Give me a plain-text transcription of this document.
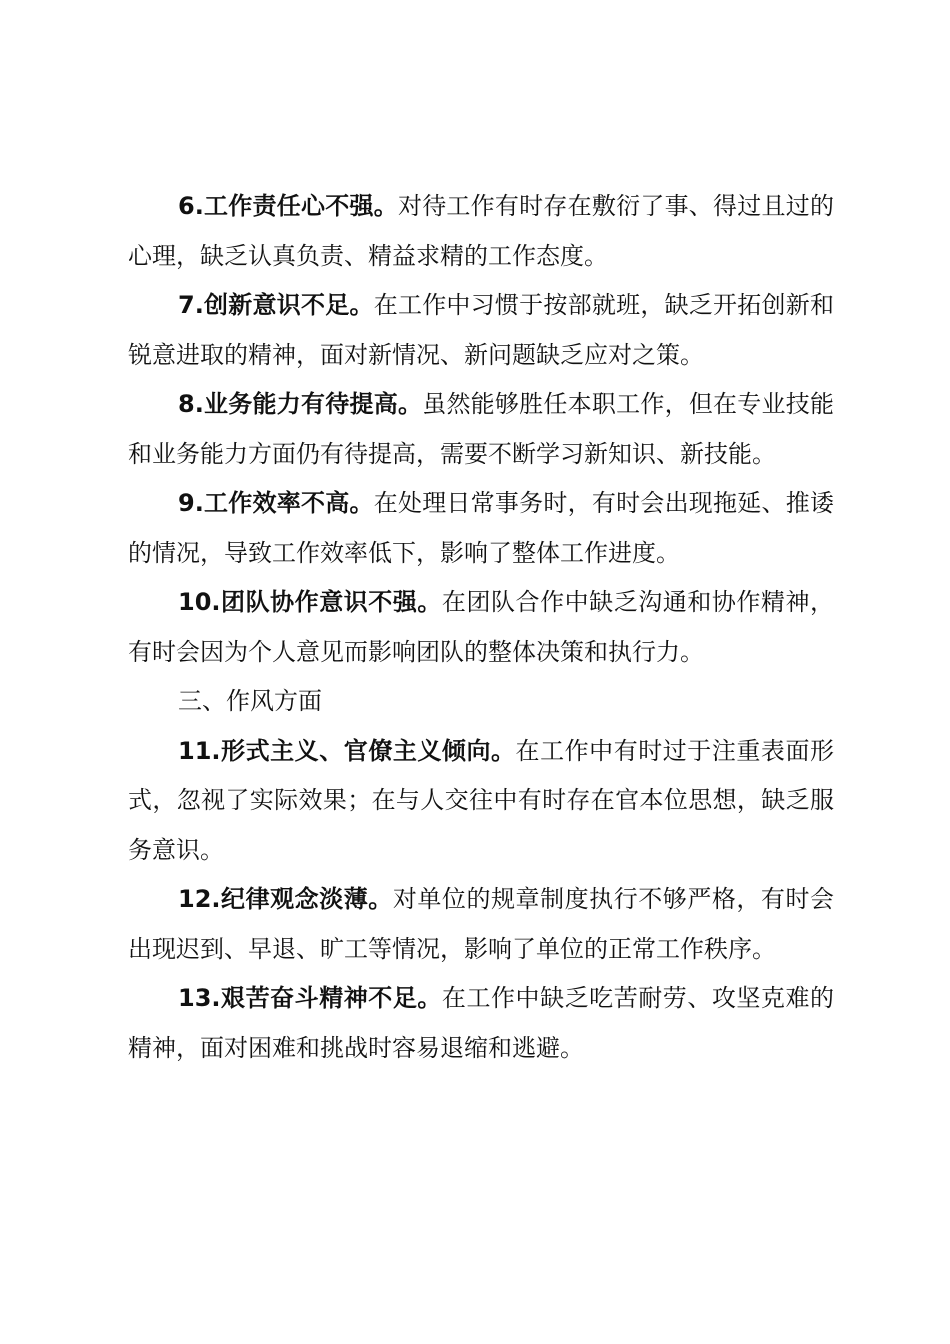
6.工作责任心不强。对待工作有时存在敷衍了事、得过且过的心理，缺乏认真负责、精益求精的工作态度。

7.创新意识不足。在工作中习惯于按部就班，缺乏开拓创新和锐意进取的精神，面对新情况、新问题缺乏应对之策。

8.业务能力有待提高。虽然能够胜任本职工作，但在专业技能和业务能力方面仍有待提高，需要不断学习新知识、新技能。

9.工作效率不高。在处理日常事务时，有时会出现拖延、推诿的情况，导致工作效率低下，影响了整体工作进度。

10.团队协作意识不强。在团队合作中缺乏沟通和协作精神，有时会因为个人意见而影响团队的整体决策和执行力。

三、作风方面

11.形式主义、官僚主义倾向。在工作中有时过于注重表面形式，忽视了实际效果；在与人交往中有时存在官本位思想，缺乏服务意识。

12.纪律观念淡薄。对单位的规章制度执行不够严格，有时会出现迟到、早退、旷工等情况，影响了单位的正常工作秩序。

13.艰苦奋斗精神不足。在工作中缺乏吃苦耐劳、攻坚克难的精神，面对困难和挑战时容易退缩和逃避。
